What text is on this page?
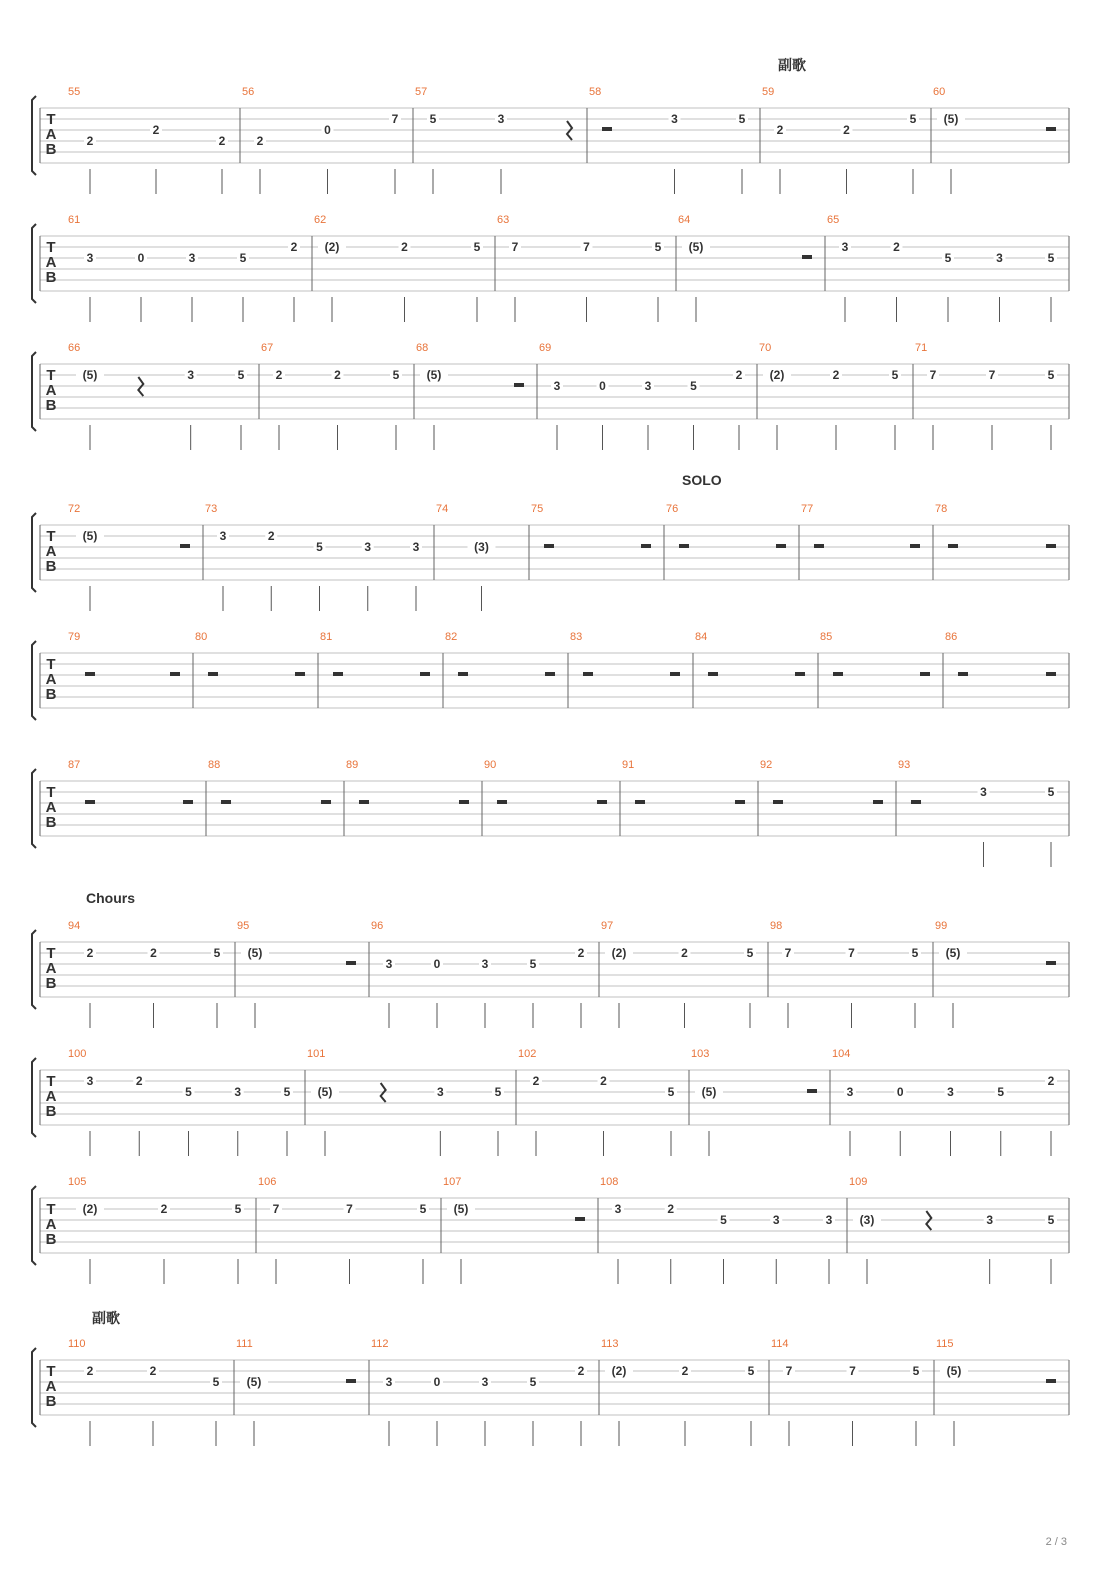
T
A
B
55
2
2
2
56
2
0
7
57
5	3
58
3	5
59
2	2
5
60
(5)
T
A
B
61
3	0	3	5
2
62
(2)	2	5
63
7	7	5
64
(5)
65
3	2
5	3	5
T
A
B
66
(5)	3	5
67
2	2	5
68
(5)
69
3	0	3	5
2
70
(2)	2	5
71
7	7	5
T
A
B
72
(5)
73
3	2
5	3	3
74
(3)
75	76	77	78
T
A
B
79	80	81	82	83	84	85	86
T
A
B
87	88	89	90	91	92	93
3	5
T
A
B
94
2	2	5
95
(5)
96
3	0	3	5
2
97
(2)	2	5
98
7	7	5
99
(5)
T
A
B
100
3	2
5	3	5
101
(5)	3	5
102
2	2
5
103
(5)
104
3	0	3	5
2
T
A
B
105
(2)	2	5
106
7	7	5
107
(5)
108
3	2
5	3	3
109
(3)	3	5
T
A
B
110
2	2
5
111
(5)
112
3	0	3	5
2
113
(2)	2	5
114
7	7	5
115
(5)
副歌
SOLO
Chours
副歌
2 / 3
